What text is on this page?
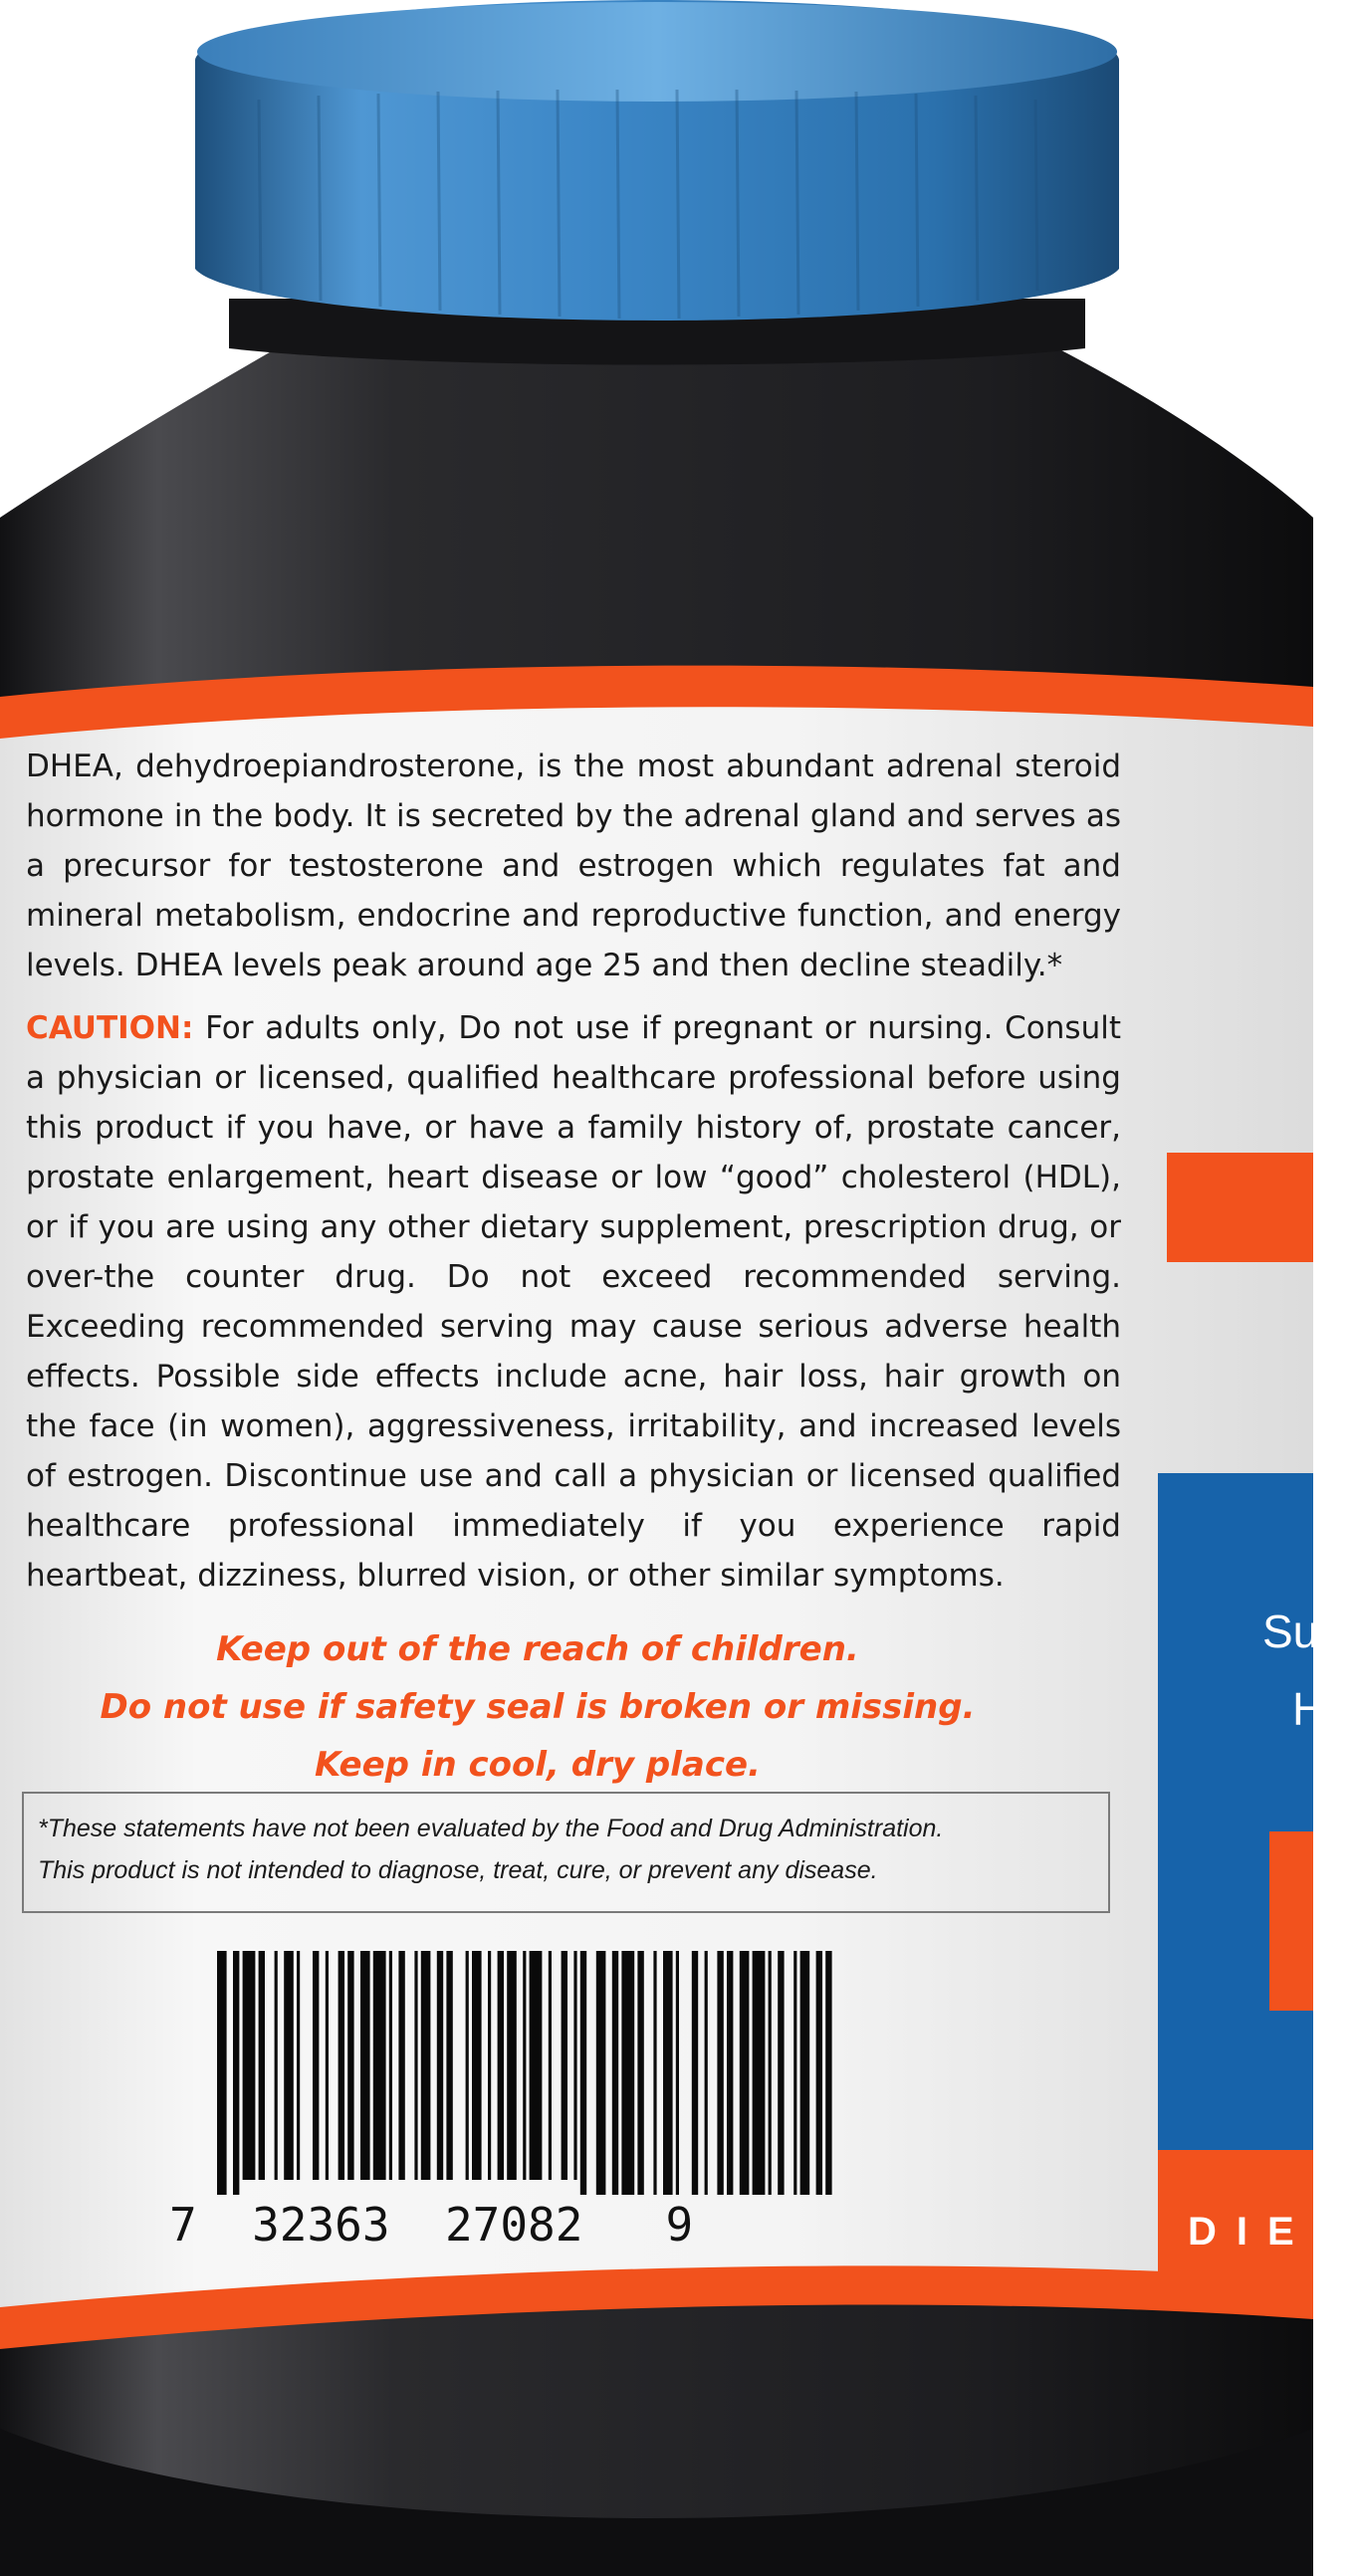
DHEA, dehydroepiandrosterone, is the most abundant adrenal steroid hormone in the body. It is secreted by the adrenal gland and serves as a precursor for testosterone and estrogen which regulates fat and mineral metabolism, endocrine and reproductive function, and energy levels. DHEA levels peak around age 25 and then decline steadily.*
CAUTION: For adults only, Do not use if pregnant or nursing. Consult a physician or licensed, qualified healthcare professional before using this product if you have, or have a family history of, prostate cancer, prostate enlargement, heart disease or low “good” cholesterol (HDL), or if you are using any other dietary supplement, prescription drug, or over-the counter drug. Do not exceed recommended serving. Exceeding recommended serving may cause serious adverse health effects. Possible side effects include acne, hair loss, hair growth on the face (in women), aggressiveness, irritability, and increased levels of estrogen. Discontinue use and call a physician or licensed qualified healthcare professional immediately if you experience rapid heartbeat, dizziness, blurred vision, or other similar symptoms.
Keep out of the reach of children.
Do not use if safety seal is broken or missing.
Keep in cool, dry place.
*These statements have not been evaluated by the Food and Drug Administration.
This product is not intended to diagnose, treat, cure, or prevent any disease.
7  32363  27082   9
Sup
H
DIET
